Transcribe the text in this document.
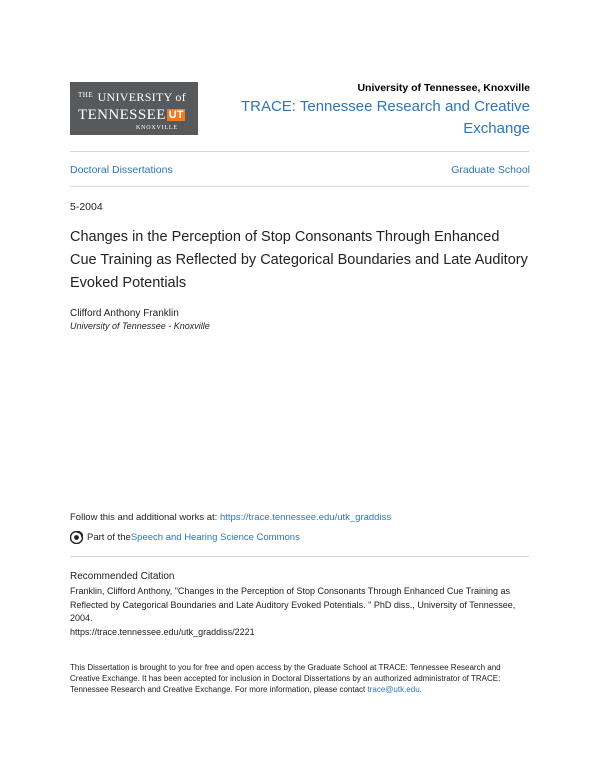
THE UNIVERSITY of
TENNESSEE UT
KNOXVILLE
University of Tennessee, Knoxville
TRACE: Tennessee Research and Creative Exchange
Doctoral Dissertations	Graduate School
5-2004
Changes in the Perception of Stop Consonants Through Enhanced Cue Training as Reflected by Categorical Boundaries and Late Auditory Evoked Potentials
Clifford Anthony Franklin
University of Tennessee - Knoxville
Follow this and additional works at: https://trace.tennessee.edu/utk_graddiss
Part of the Speech and Hearing Science Commons
Recommended Citation
Franklin, Clifford Anthony, "Changes in the Perception of Stop Consonants Through Enhanced Cue Training as Reflected by Categorical Boundaries and Late Auditory Evoked Potentials. " PhD diss., University of Tennessee, 2004.
https://trace.tennessee.edu/utk_graddiss/2221
This Dissertation is brought to you for free and open access by the Graduate School at TRACE: Tennessee Research and Creative Exchange. It has been accepted for inclusion in Doctoral Dissertations by an authorized administrator of TRACE: Tennessee Research and Creative Exchange. For more information, please contact trace@utk.edu.
